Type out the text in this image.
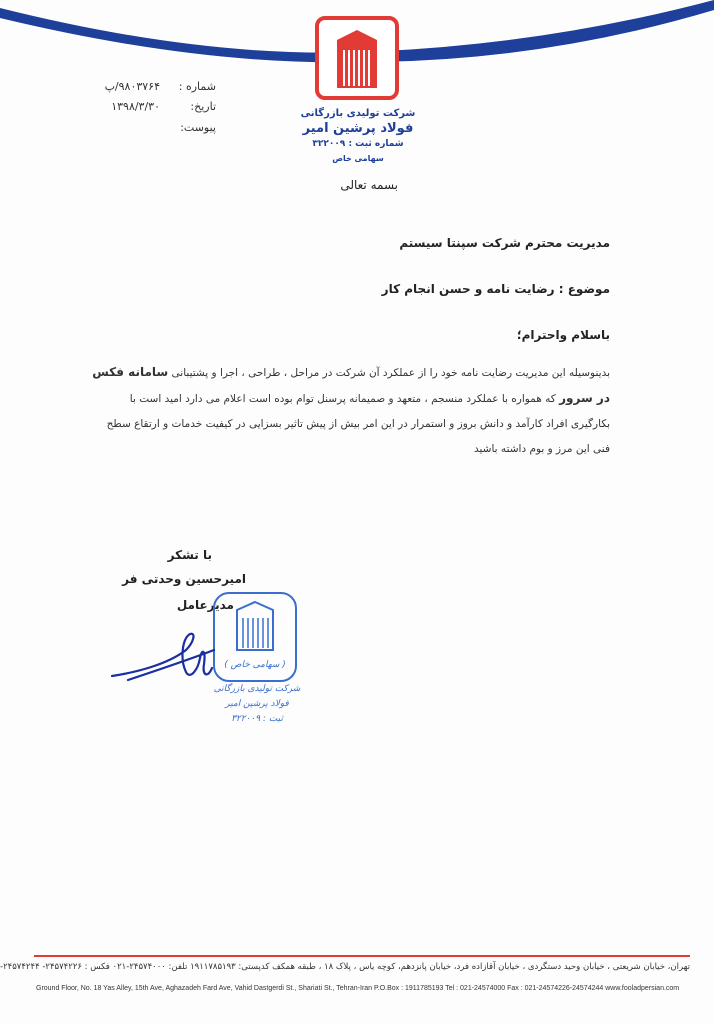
شرکت تولیدی بازرگانی
فولاد پرشین امیر
شماره ثبت : ۳۲۲۰۰۹
سهامی خاص
شماره :
۹۸۰۳۷۶۴/پ
تاریخ:
۱۳۹۸/۳/۳۰
پیوست:
بسمه تعالی
مدیریت محترم شرکت سپنتا سیستم
موضوع : رضایت نامه و حسن انجام کار
باسلام واحترام؛
بدینوسیله این مدیریت رضایت نامه خود را از عملکرد آن شرکت در مراحل ، طراحی ، اجرا و پشتیبانی سامانه فکس در سرور که همواره با عملکرد منسجم ، متعهد و صمیمانه پرسنل توام بوده است اعلام می دارد امید است با بکارگیری افراد کارآمد و دانش بروز و استمرار در این امر بیش از پیش تاثیر بسزایی در کیفیت خدمات و ارتقاع سطح فنی این مرز و بوم داشته باشید
با تشکر
امیرحسین وحدتی فر
مدیرعامل
( سهامی خاص )
شرکت تولیدی بازرگانی
فولاد پرشین امیر
ثبت : ۳۲۲۰۰۹
تهران، خیابان شریعتی ، خیابان وحید دستگردی ، خیابان آقازاده فرد، خیابان پانزدهم، کوچه یاس ، پلاک ۱۸ ، طبقه همکف کدپستی: ۱۹۱۱۷۸۵۱۹۳ تلفن: ۲۴۵۷۴۰۰۰-۰۲۱ فکس : ۲۴۵۷۴۲۲۶- ۲۴۵۷۴۲۴۴-
Ground Floor, No. 18 Yas Alley, 15th Ave, Aghazadeh Fard Ave, Vahid Dastgerdi St., Shariati St., Tehran-Iran P.O.Box : 1911785193 Tel : 021-24574000 Fax : 021-24574226-24574244 www.fooladpersian.com
